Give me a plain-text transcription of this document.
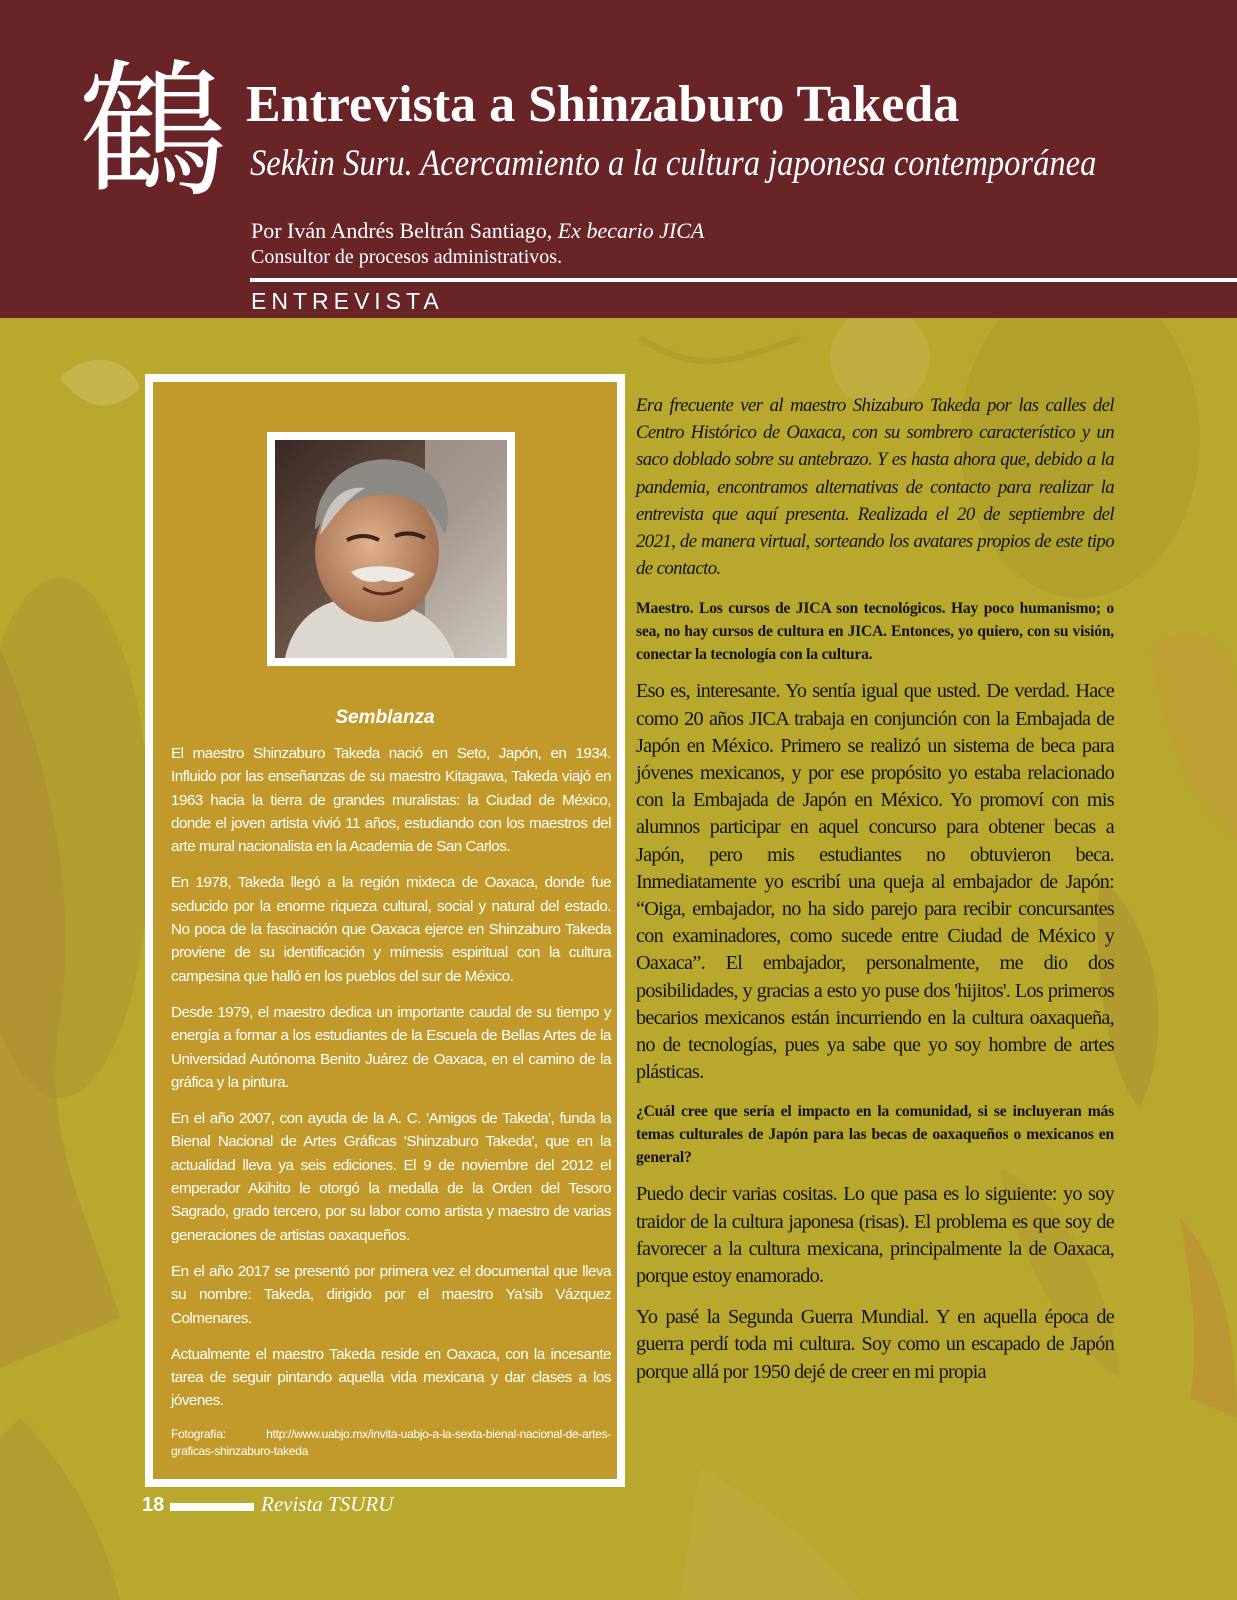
鶴 Entrevista a Shinzaburo Takeda
Sekkin Suru. Acercamiento a la cultura japonesa contemporánea
Por Iván Andrés Beltrán Santiago, Ex becario JICA
Consultor de procesos administrativos.
ENTREVISTA
Semblanza

El maestro Shinzaburo Takeda nació en Seto, Japón, en 1934. Influido por las enseñanzas de su maestro Kitagawa, Takeda viajó en 1963 hacia la tierra de grandes muralistas: la Ciudad de México, donde el joven artista vivió 11 años, estudiando con los maestros del arte mural nacionalista en la Academia de San Carlos.

En 1978, Takeda llegó a la región mixteca de Oaxaca, donde fue seducido por la enorme riqueza cultural, social y natural del estado. No poca de la fascinación que Oaxaca ejerce en Shinzaburo Takeda proviene de su identificación y mímesis espiritual con la cultura campesina que halló en los pueblos del sur de México.

Desde 1979, el maestro dedica un importante caudal de su tiempo y energía a formar a los estudiantes de la Escuela de Bellas Artes de la Universidad Autónoma Benito Juárez de Oaxaca, en el camino de la gráfica y la pintura.

En el año 2007, con ayuda de la A. C. 'Amigos de Takeda', funda la Bienal Nacional de Artes Gráficas 'Shinzaburo Takeda', que en la actualidad lleva ya seis ediciones. El 9 de noviembre del 2012 el emperador Akihito le otorgó la medalla de la Orden del Tesoro Sagrado, grado tercero, por su labor como artista y maestro de varias generaciones de artistas oaxaqueños.

En el año 2017 se presentó por primera vez el documental que lleva su nombre: Takeda, dirigido por el maestro Ya'sib Vázquez Colmenares.

Actualmente el maestro Takeda reside en Oaxaca, con la incesante tarea de seguir pintando aquella vida mexicana y dar clases a los jóvenes.

Fotografía: http://www.uabjo.mx/invita-uabjo-a-la-sexta-bienal-nacional-de-artes-graficas-shinzaburo-takeda

Era frecuente ver al maestro Shizaburo Takeda por las calles del Centro Histórico de Oaxaca, con su sombrero característico y un saco doblado sobre su antebrazo. Y es hasta ahora que, debido a la pandemia, encontramos alternativas de contacto para realizar la entrevista que aquí presenta. Realizada el 20 de septiembre del 2021, de manera virtual, sorteando los avatares propios de este tipo de contacto.

Maestro. Los cursos de JICA son tecnológicos. Hay poco humanismo; o sea, no hay cursos de cultura en JICA. Entonces, yo quiero, con su visión, conectar la tecnología con la cultura.

Eso es, interesante. Yo sentía igual que usted. De verdad. Hace como 20 años JICA trabaja en conjunción con la Embajada de Japón en México. Primero se realizó un sistema de beca para jóvenes mexicanos, y por ese propósito yo estaba relacionado con la Embajada de Japón en México. Yo promoví con mis alumnos participar en aquel concurso para obtener becas a Japón, pero mis estudiantes no obtuvieron beca. Inmediatamente yo escribí una queja al embajador de Japón: “Oiga, embajador, no ha sido parejo para recibir concursantes con examinadores, como sucede entre Ciudad de México y Oaxaca”. El embajador, personalmente, me dio dos posibilidades, y gracias a esto yo puse dos 'hijitos'. Los primeros becarios mexicanos están incurriendo en la cultura oaxaqueña, no de tecnologías, pues ya sabe que yo soy hombre de artes plásticas.

¿Cuál cree que sería el impacto en la comunidad, si se incluyeran más temas culturales de Japón para las becas de oaxaqueños o mexicanos en general?

Puedo decir varias cositas. Lo que pasa es lo siguiente: yo soy traidor de la cultura japonesa (risas). El problema es que soy de favorecer a la cultura mexicana, principalmente la de Oaxaca, porque estoy enamorado.

Yo pasé la Segunda Guerra Mundial. Y en aquella época de guerra perdí toda mi cultura. Soy como un escapado de Japón porque allá por 1950 dejé de creer en mi propia

18	Revista TSURU
